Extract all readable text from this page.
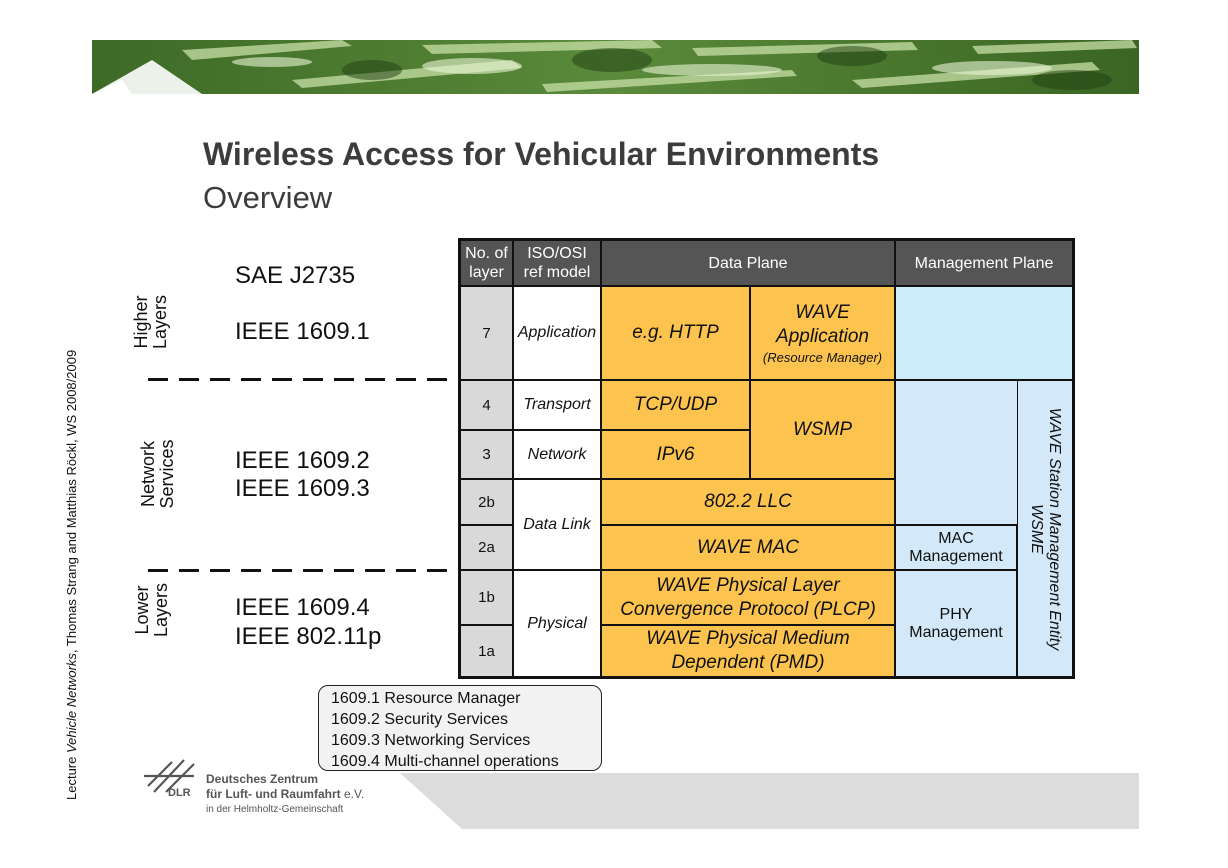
Wireless Access for Vehicular Environments
Overview
Lecture Vehicle Networks, Thomas Strang and Matthias Röckl, WS 2008/2009
Higher Layers
Network Services
Lower Layers
SAE J2735
IEEE 1609.1
IEEE 1609.2
IEEE 1609.3
IEEE 1609.4
IEEE 802.11p
No. of
layer
ISO/OSI
ref model
Data Plane	Management Plane
7
4
3
2b
2a
1b
1a
Application
Transport
Network
Data Link
Physical
e.g. HTTP
WAVE
Application
(Resource Manager)
TCP/UDP
WSMP
IPv6
802.2 LLC
WAVE MAC
WAVE Physical Layer
Convergence Protocol (PLCP)
WAVE Physical Medium
Dependent (PMD)
MAC
Management
PHY
Management	WAVE Station Management Entity
WSME
1609.1 Resource Manager
1609.2 Security Services
1609.3 Networking Services
1609.4 Multi-channel operations
DLR
Deutsches Zentrum
für Luft- und Raumfahrt e.V.
in der Helmholtz-Gemeinschaft
